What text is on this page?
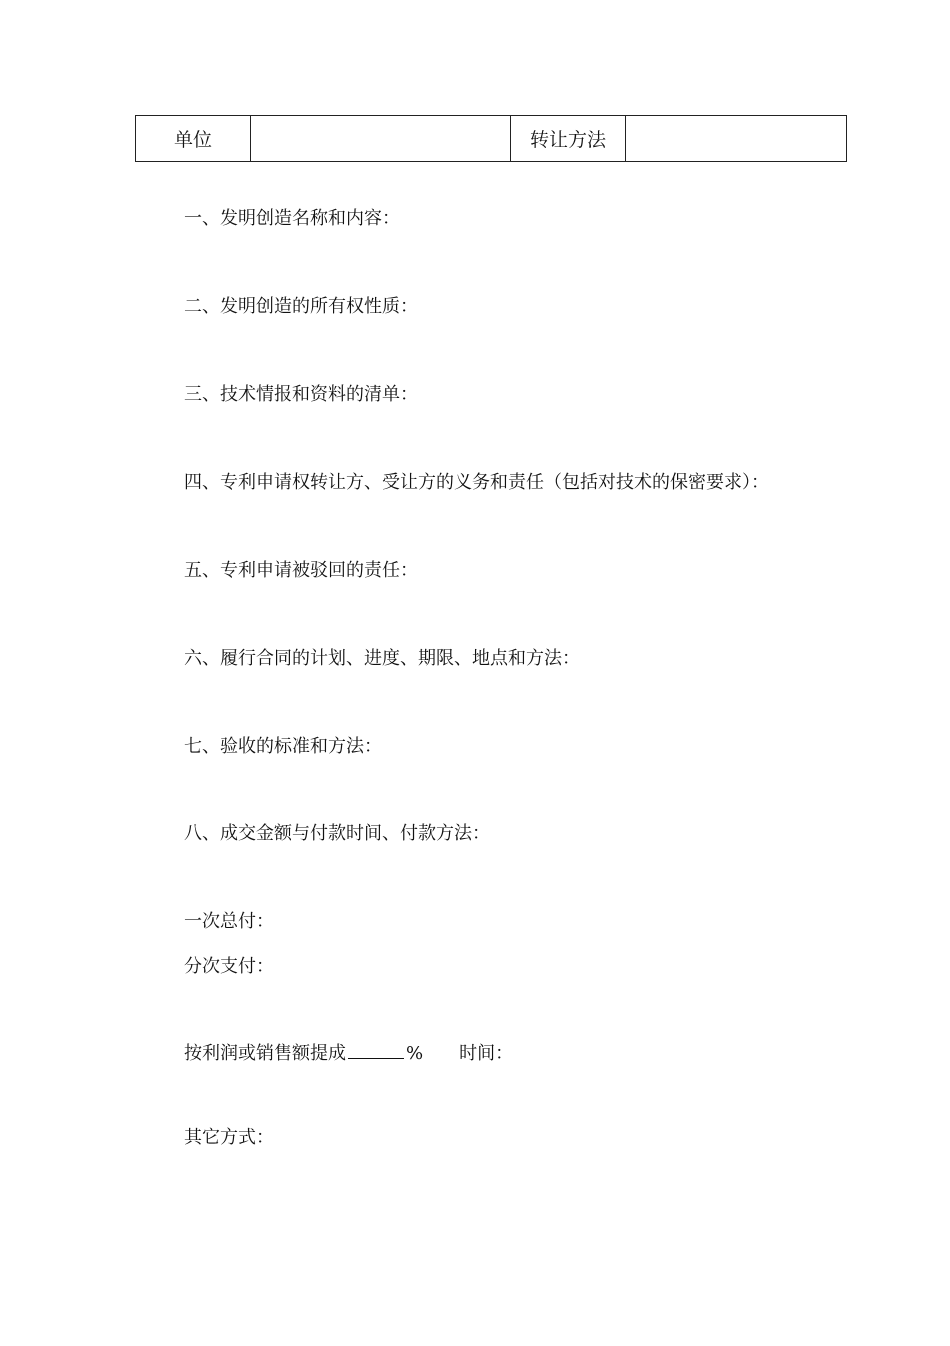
单位		转让方法	
一、发明创造名称和内容：
二、发明创造的所有权性质：
三、技术情报和资料的清单：
四、专利申请权转让方、受让方的义务和责任（包括对技术的保密要求）：
五、专利申请被驳回的责任：
六、履行合同的计划、进度、期限、地点和方法：
七、验收的标准和方法：
八、成交金额与付款时间、付款方法：
一次总付：
分次支付：
按利润或销售额提成	% 时间：
其它方式：
